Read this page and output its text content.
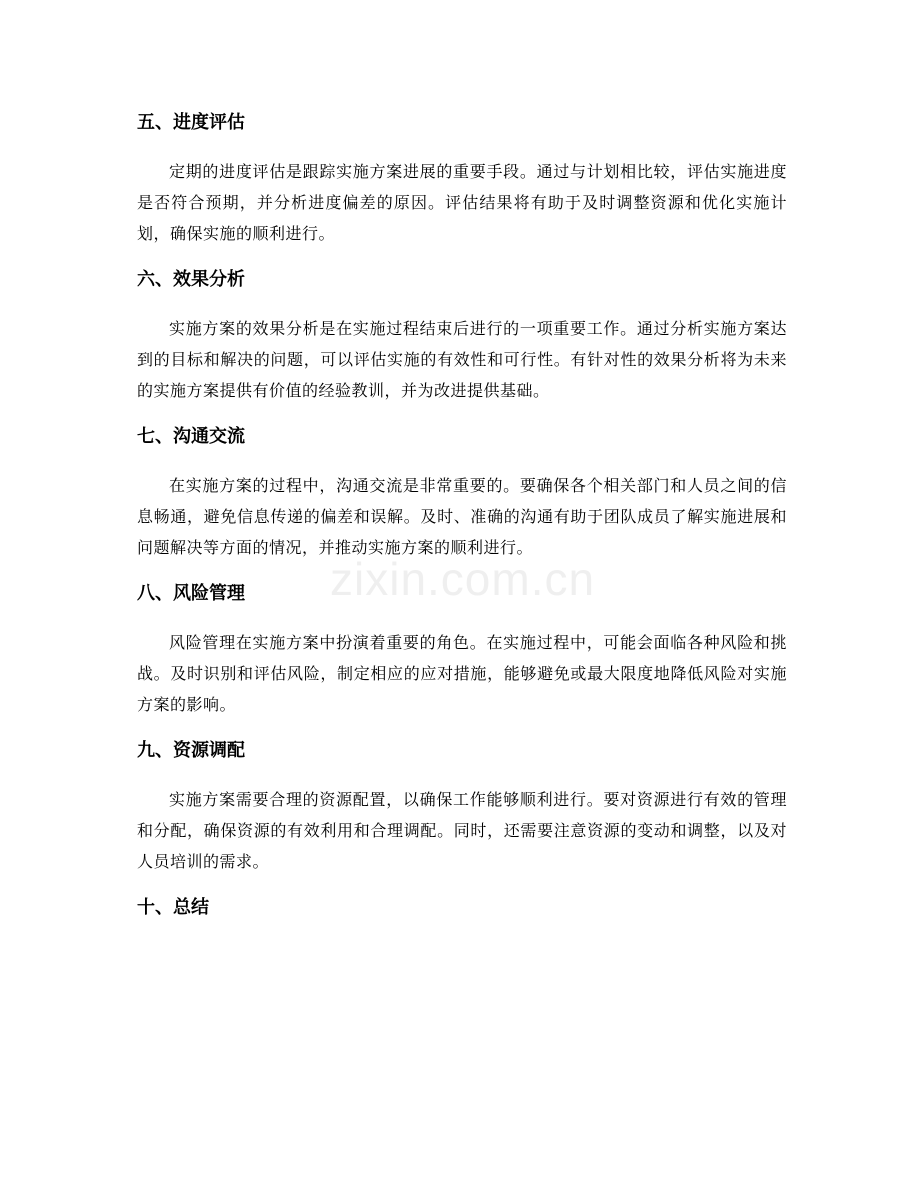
五、进度评估

定期的进度评估是跟踪实施方案进展的重要手段。通过与计划相比较，评估实施进度是否符合预期，并分析进度偏差的原因。评估结果将有助于及时调整资源和优化实施计划，确保实施的顺利进行。

六、效果分析

实施方案的效果分析是在实施过程结束后进行的一项重要工作。通过分析实施方案达到的目标和解决的问题，可以评估实施的有效性和可行性。有针对性的效果分析将为未来的实施方案提供有价值的经验教训，并为改进提供基础。

七、沟通交流

在实施方案的过程中，沟通交流是非常重要的。要确保各个相关部门和人员之间的信息畅通，避免信息传递的偏差和误解。及时、准确的沟通有助于团队成员了解实施进展和问题解决等方面的情况，并推动实施方案的顺利进行。

八、风险管理

风险管理在实施方案中扮演着重要的角色。在实施过程中，可能会面临各种风险和挑战。及时识别和评估风险，制定相应的应对措施，能够避免或最大限度地降低风险对实施方案的影响。

九、资源调配

实施方案需要合理的资源配置，以确保工作能够顺利进行。要对资源进行有效的管理和分配，确保资源的有效利用和合理调配。同时，还需要注意资源的变动和调整，以及对人员培训的需求。

十、总结
zixin.com.cn
